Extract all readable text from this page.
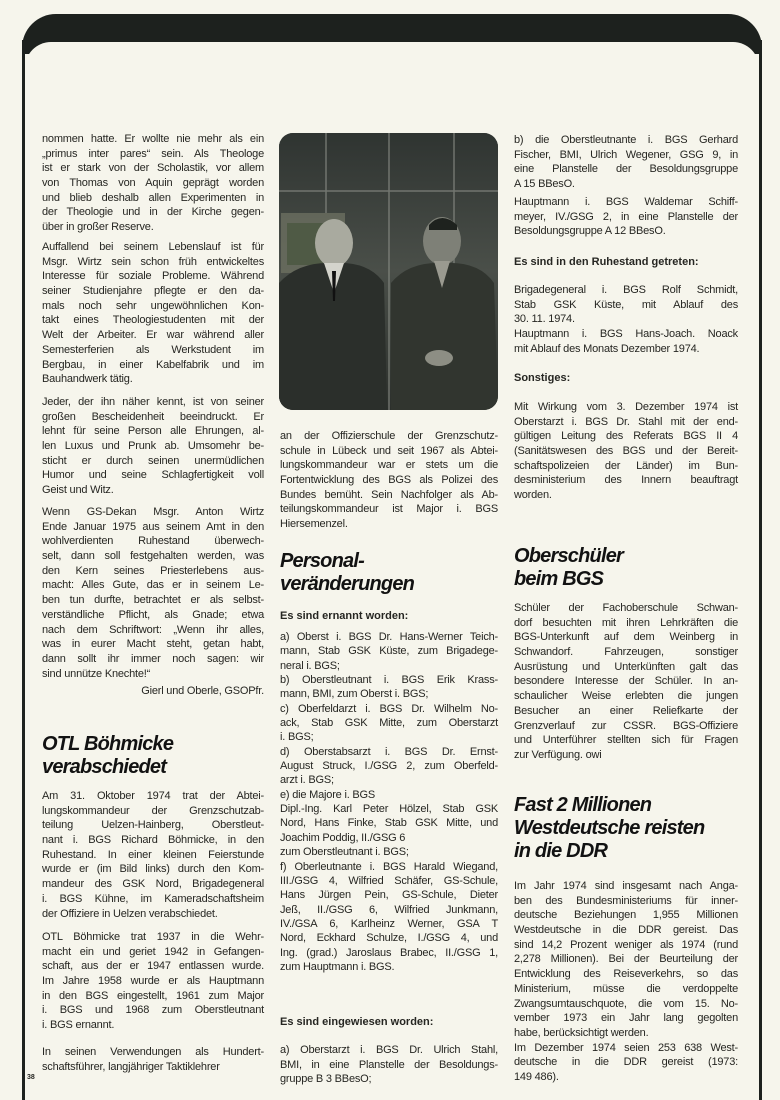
nommen hatte. Er wollte nie mehr als ein
„primus inter pares“ sein. Als Theologe
ist er stark von der Scholastik, vor allem
von Thomas von Aquin geprägt worden
und blieb deshalb allen Experimenten in
der Theologie und in der Kirche gegen-
über in großer Reserve.
Auffallend bei seinem Lebenslauf ist für
Msgr. Wirtz sein schon früh entwickeltes
Interesse für soziale Probleme. Während
seiner Studienjahre pflegte er den da-
mals noch sehr ungewöhnlichen Kon-
takt eines Theologiestudenten mit der
Welt der Arbeiter. Er war während aller
Semesterferien als Werkstudent im
Bergbau, in einer Kabelfabrik und im
Bauhandwerk tätig.
Jeder, der ihn näher kennt, ist von seiner
großen Bescheidenheit beeindruckt. Er
lehnt für seine Person alle Ehrungen, al-
len Luxus und Prunk ab. Umsomehr be-
sticht er durch seinen unermüdlichen
Humor und seine Schlagfertigkeit voll
Geist und Witz.
Wenn GS-Dekan Msgr. Anton Wirtz
Ende Januar 1975 aus seinem Amt in den
wohlverdienten Ruhestand überwech-
selt, dann soll festgehalten werden, was
den Kern seines Priesterlebens aus-
macht: Alles Gute, das er in seinem Le-
ben tun durfte, betrachtet er als selbst-
verständliche Pflicht, als Gnade; etwa
nach dem Schriftwort: „Wenn ihr alles,
was in eurer Macht steht, getan habt,
dann sollt ihr immer noch sagen: wir
sind unnütze Knechte!“
Gierl und Oberle, GSOPfr.
OTL Böhmicke
verabschiedet
Am 31. Oktober 1974 trat der Abtei-
lungskommandeur der Grenzschutzab-
teilung Uelzen-Hainberg, Oberstleut-
nant i. BGS Richard Böhmicke, in den
Ruhestand. In einer kleinen Feierstunde
wurde er (im Bild links) durch den Kom-
mandeur des GSK Nord, Brigadegeneral
i. BGS Kühne, im Kameradschaftsheim
der Offiziere in Uelzen verabschiedet.
OTL Böhmicke trat 1937 in die Wehr-
macht ein und geriet 1942 in Gefangen-
schaft, aus der er 1947 entlassen wurde.
Im Jahre 1958 wurde er als Hauptmann
in den BGS eingestellt, 1961 zum Major
i. BGS und 1968 zum Oberstleutnant
i. BGS ernannt.
In seinen Verwendungen als Hundert-
schaftsführer, langjähriger Taktiklehrer
an der Offizierschule der Grenzschutz-
schule in Lübeck und seit 1967 als Abtei-
lungskommandeur war er stets um die
Fortentwicklung des BGS als Polizei des
Bundes bemüht. Sein Nachfolger als Ab-
teilungskommandeur ist Major i. BGS
Hiersemenzel.
Personal-
veränderungen
Es sind ernannt worden:
a) Oberst i. BGS Dr. Hans-Werner Teich-
mann, Stab GSK Küste, zum Brigadege-
neral i. BGS;
b) Oberstleutnant i. BGS Erik Krass-
mann, BMI, zum Oberst i. BGS;
c) Oberfeldarzt i. BGS Dr. Wilhelm No-
ack, Stab GSK Mitte, zum Oberstarzt
i. BGS;
d) Oberstabsarzt i. BGS Dr. Ernst-
August Struck, I./GSG 2, zum Oberfeld-
arzt i. BGS;
e) die Majore i. BGS
Dipl.-Ing. Karl Peter Hölzel, Stab GSK
Nord, Hans Finke, Stab GSK Mitte, und
Joachim Poddig, II./GSG 6
zum Oberstleutnant i. BGS;
f) Oberleutnante i. BGS Harald Wiegand,
III./GSG 4, Wilfried Schäfer, GS-Schule,
Hans Jürgen Pein, GS-Schule, Dieter
Jeß, II./GSG 6, Wilfried Junkmann,
IV./GSA 6, Karlheinz Werner, GSA T
Nord, Eckhard Schulze, I./GSG 4, und
Ing. (grad.) Jaroslaus Brabec, II./GSG 1,
zum Hauptmann i. BGS.
Es sind eingewiesen worden:
a) Oberstarzt i. BGS Dr. Ulrich Stahl,
BMI, in eine Planstelle der Besoldungs-
gruppe B 3 BBesO;
b) die Oberstleutnante i. BGS Gerhard
Fischer, BMI, Ulrich Wegener, GSG 9, in
eine Planstelle der Besoldungsgruppe
A 15 BBesO.
Hauptmann i. BGS Waldemar Schiff-
meyer, IV./GSG 2, in eine Planstelle der
Besoldungsgruppe A 12 BBesO.
Es sind in den Ruhestand getreten:
Brigadegeneral i. BGS Rolf Schmidt,
Stab GSK Küste, mit Ablauf des
30. 11. 1974.
Hauptmann i. BGS Hans-Joach. Noack
mit Ablauf des Monats Dezember 1974.
Sonstiges:
Mit Wirkung vom 3. Dezember 1974 ist
Oberstarzt i. BGS Dr. Stahl mit der end-
gültigen Leitung des Referats BGS II 4
(Sanitätswesen des BGS und der Bereit-
schaftspolizeien der Länder) im Bun-
desministerium des Innern beauftragt
worden.
Oberschüler
beim BGS
Schüler der Fachoberschule Schwan-
dorf besuchten mit ihren Lehrkräften die
BGS-Unterkunft auf dem Weinberg in
Schwandorf. Fahrzeugen, sonstiger
Ausrüstung und Unterkünften galt das
besondere Interesse der Schüler. In an-
schaulicher Weise erlebten die jungen
Besucher an einer Reliefkarte der
Grenzverlauf zur CSSR. BGS-Offiziere
und Unterführer stellten sich für Fragen
zur Verfügung. owi
Fast 2 Millionen
Westdeutsche reisten
in die DDR
Im Jahr 1974 sind insgesamt nach Anga-
ben des Bundesministeriums für inner-
deutsche Beziehungen 1,955 Millionen
Westdeutsche in die DDR gereist. Das
sind 14,2 Prozent weniger als 1974 (rund
2,278 Millionen). Bei der Beurteilung der
Entwicklung des Reiseverkehrs, so das
Ministerium, müsse die verdoppelte
Zwangsumtauschquote, die vom 15. No-
vember 1973 ein Jahr lang gegolten
habe, berücksichtigt werden.
Im Dezember 1974 seien 253 638 West-
deutsche in die DDR gereist (1973:
149 486).
38
